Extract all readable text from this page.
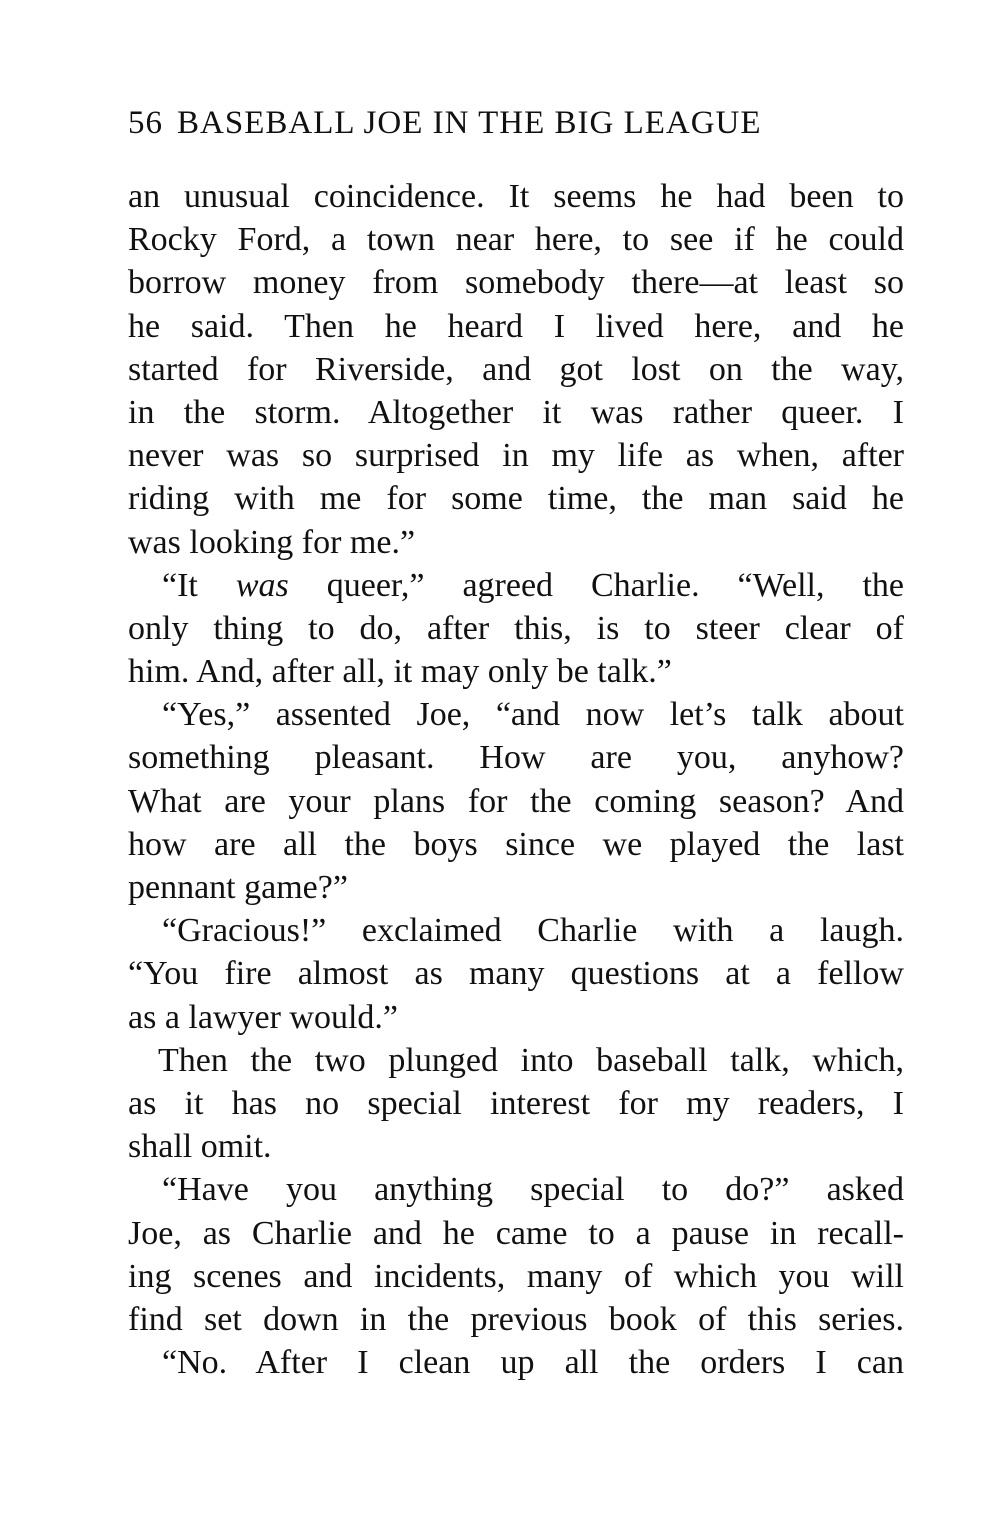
56 BASEBALL JOE IN THE BIG LEAGUE
an unusual coincidence. It seems he had been to
Rocky Ford, a town near here, to see if he could
borrow money from somebody there—at least so
he said. Then he heard I lived here, and he
started for Riverside, and got lost on the way,
in the storm. Altogether it was rather queer. I
never was so surprised in my life as when, after
riding with me for some time, the man said he
was looking for me.”
“It was queer,” agreed Charlie. “Well, the
only thing to do, after this, is to steer clear of
him. And, after all, it may only be talk.”
“Yes,” assented Joe, “and now let’s talk about
something pleasant. How are you, anyhow?
What are your plans for the coming season? And
how are all the boys since we played the last
pennant game?”
“Gracious!” exclaimed Charlie with a laugh.
“You fire almost as many questions at a fellow
as a lawyer would.”
Then the two plunged into baseball talk, which,
as it has no special interest for my readers, I
shall omit.
“Have you anything special to do?” asked
Joe, as Charlie and he came to a pause in recall-
ing scenes and incidents, many of which you will
find set down in the previous book of this series.
“No. After I clean up all the orders I can
